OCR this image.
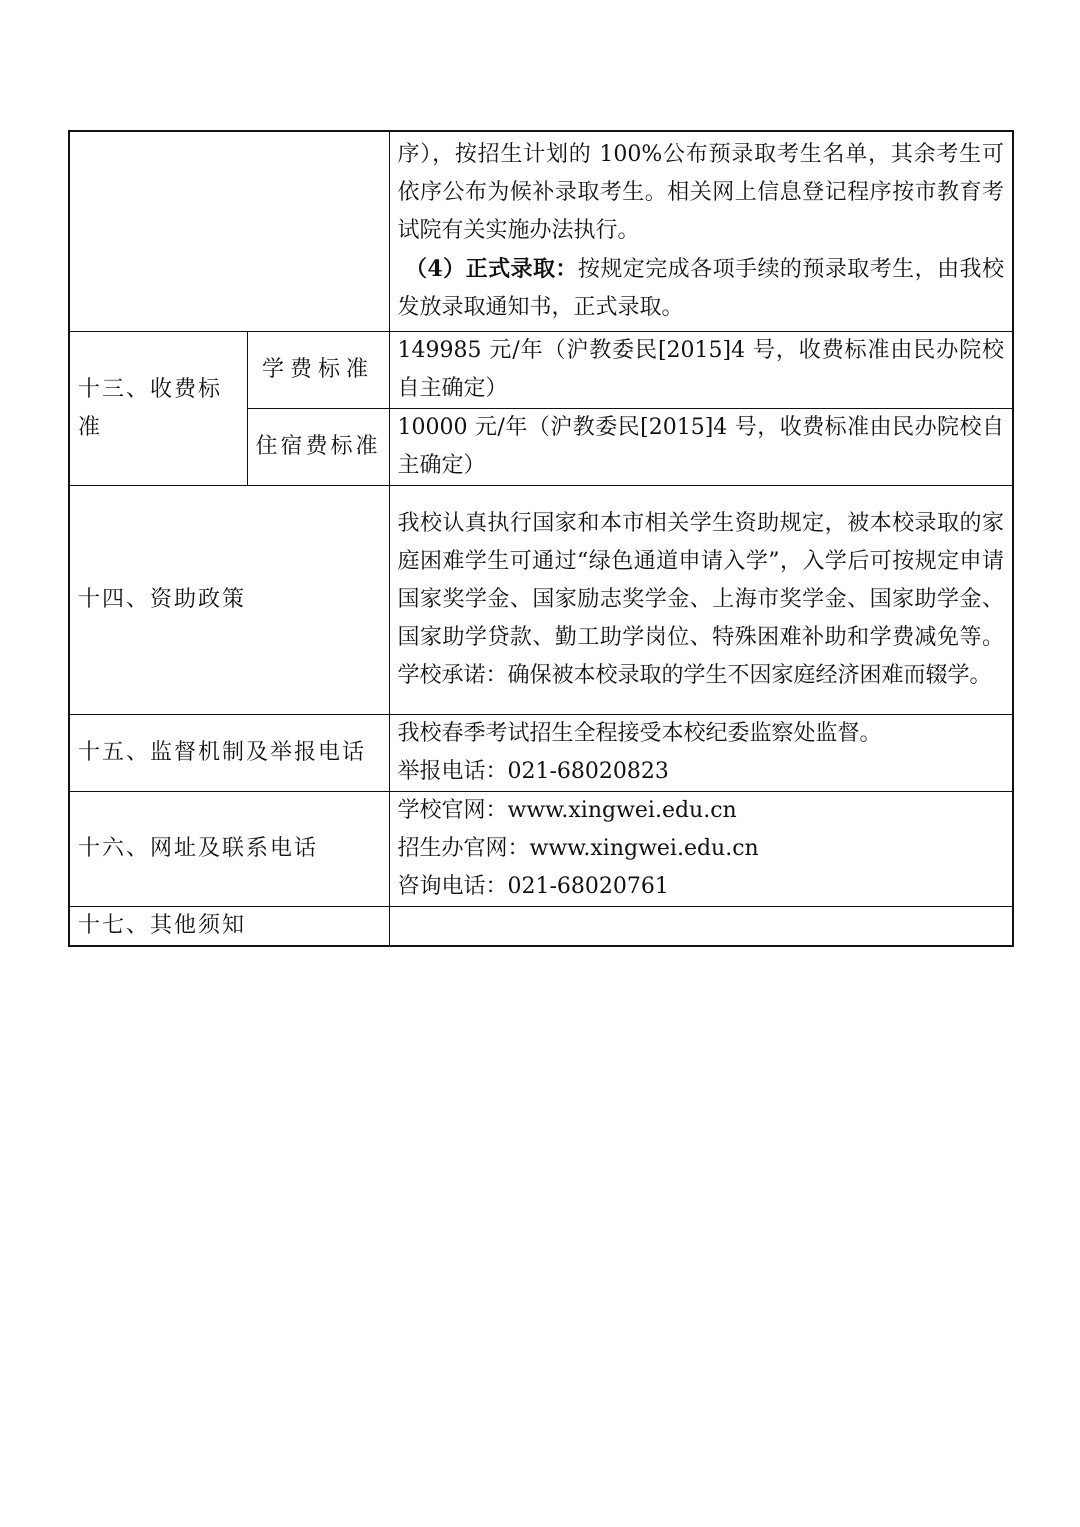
		序），按招生计划的 100%公布预录取考生名单，其余考生可依序公布为候补录取考生。相关网上信息登记程序按市教育考试院有关实施办法执行。

（4）正式录取：按规定完成各项手续的预录取考生，由我校发放录取通知书，正式录取。

十三、收费标准	学费标准	149985 元/年（沪教委民[2015]4 号，收费标准由民办院校自主确定）

	住宿费标准	10000 元/年（沪教委民[2015]4 号，收费标准由民办院校自主确定）

十四、资助政策		我校认真执行国家和本市相关学生资助规定，被本校录取的家庭困难学生可通过“绿色通道申请入学”，入学后可按规定申请国家奖学金、国家励志奖学金、上海市奖学金、国家助学金、国家助学贷款、勤工助学岗位、特殊困难补助和学费减免等。学校承诺：确保被本校录取的学生不因家庭经济困难而辍学。

十五、监督机制及举报电话		我校春季考试招生全程接受本校纪委监察处监督。

举报电话：021-68020823

十六、网址及联系电话		学校官网：www.xingwei.edu.cn

招生办官网：www.xingwei.edu.cn

咨询电话：021-68020761

十七、其他须知		
